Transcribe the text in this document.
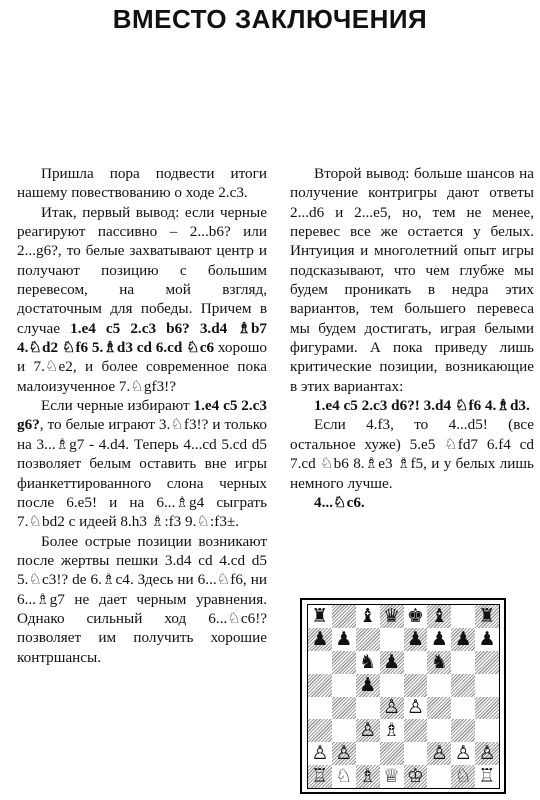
ВМЕСТО ЗАКЛЮЧЕНИЯ

Пришла пора подвести итоги нашему повествованию о ходе 2.c3.

Итак, первый вывод: если черные реагируют пассивно – 2...b6? или 2...g6?, то белые захватывают центр и получают позицию с большим перевесом, на мой взгляд, достаточным для победы. Причем в случае 1.e4 c5 2.c3 b6? 3.d4 ♗b7 4.♘d2 ♘f6 5.♗d3 cd 6.cd ♘c6 хорошо и 7.♘e2, и более современное пока малоизученное 7.♘gf3!?

Если черные избирают 1.e4 c5 2.c3 g6?, то белые играют 3.♘f3!? и только на 3...♗g7 - 4.d4. Теперь 4...cd 5.cd d5 позволяет белым оставить вне игры фианкеттированного слона черных после 6.e5! и на 6...♗g4 сыграть 7.♘bd2 с идеей 8.h3 ♗:f3 9.♘:f3±.

Более острые позиции возникают после жертвы пешки 3.d4 cd 4.cd d5 5.♘c3!? de 6.♗c4. Здесь ни 6...♘f6, ни 6...♗g7 не дает черным уравнения. Однако сильный ход 6...♘c6!? позволяет им получить хорошие контршансы.

Второй вывод: больше шансов на получение контригры дают ответы 2...d6 и 2...e5, но, тем не менее, перевес все же остается у белых. Интуиция и многолетний опыт игры подсказывают, что чем глубже мы будем проникать в недра этих вариантов, тем большего перевеса мы будем достигать, играя белыми фигурами. А пока приведу лишь критические позиции, возникающие в этих вариантах:

1.e4 c5 2.c3 d6?! 3.d4 ♘f6 4.♗d3.

Если 4.f3, то 4...d5! (все остальное хуже) 5.e5 ♘fd7 6.f4 cd 7.cd ♘b6 8.♗e3 ♗f5, и у белых лишь немного лучше.

4...♘c6.

♜ ♝ ♛ ♚ ♝ ♜
♟ ♟	♟ ♟ ♟ ♟
♞ ♟ ♞
♟
♙ ♙
♙ ♗
♙ ♙	♙ ♙ ♙
♖ ♘ ♗ ♕ ♔ ♘ ♖
